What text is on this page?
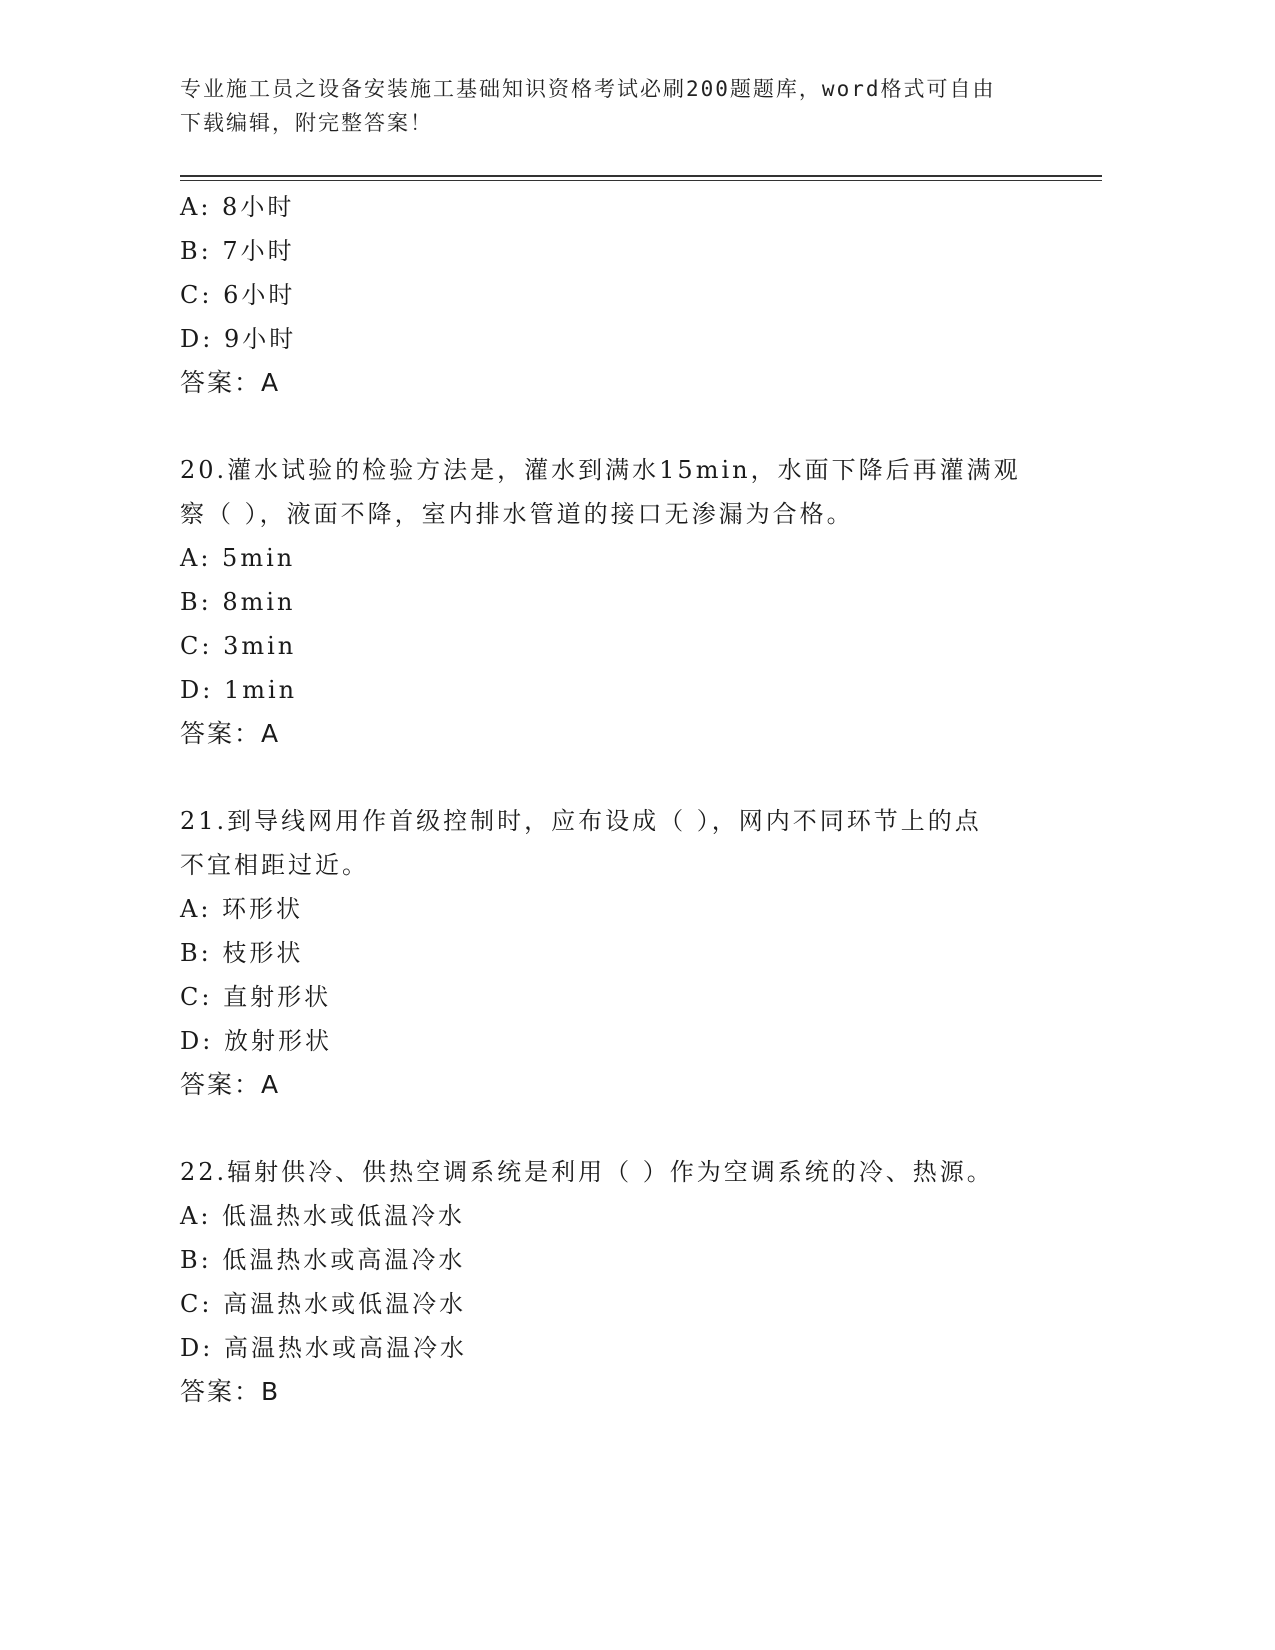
专业施工员之设备安装施工基础知识资格考试必刷200题题库，word格式可自由
下载编辑，附完整答案！
A: 8小时
B: 7小时
C: 6小时
D: 9小时
答案：A
20.灌水试验的检验方法是，灌水到满水15min，水面下降后再灌满观
察（ ），液面不降，室内排水管道的接口无渗漏为合格。
A: 5min
B: 8min
C: 3min
D: 1min
答案：A
21.到导线网用作首级控制时，应布设成（ ），网内不同环节上的点
不宜相距过近。
A: 环形状
B: 枝形状
C: 直射形状
D: 放射形状
答案：A
22.辐射供冷、供热空调系统是利用（ ）作为空调系统的冷、热源。
A: 低温热水或低温冷水
B: 低温热水或高温冷水
C: 高温热水或低温冷水
D: 高温热水或高温冷水
答案：B
